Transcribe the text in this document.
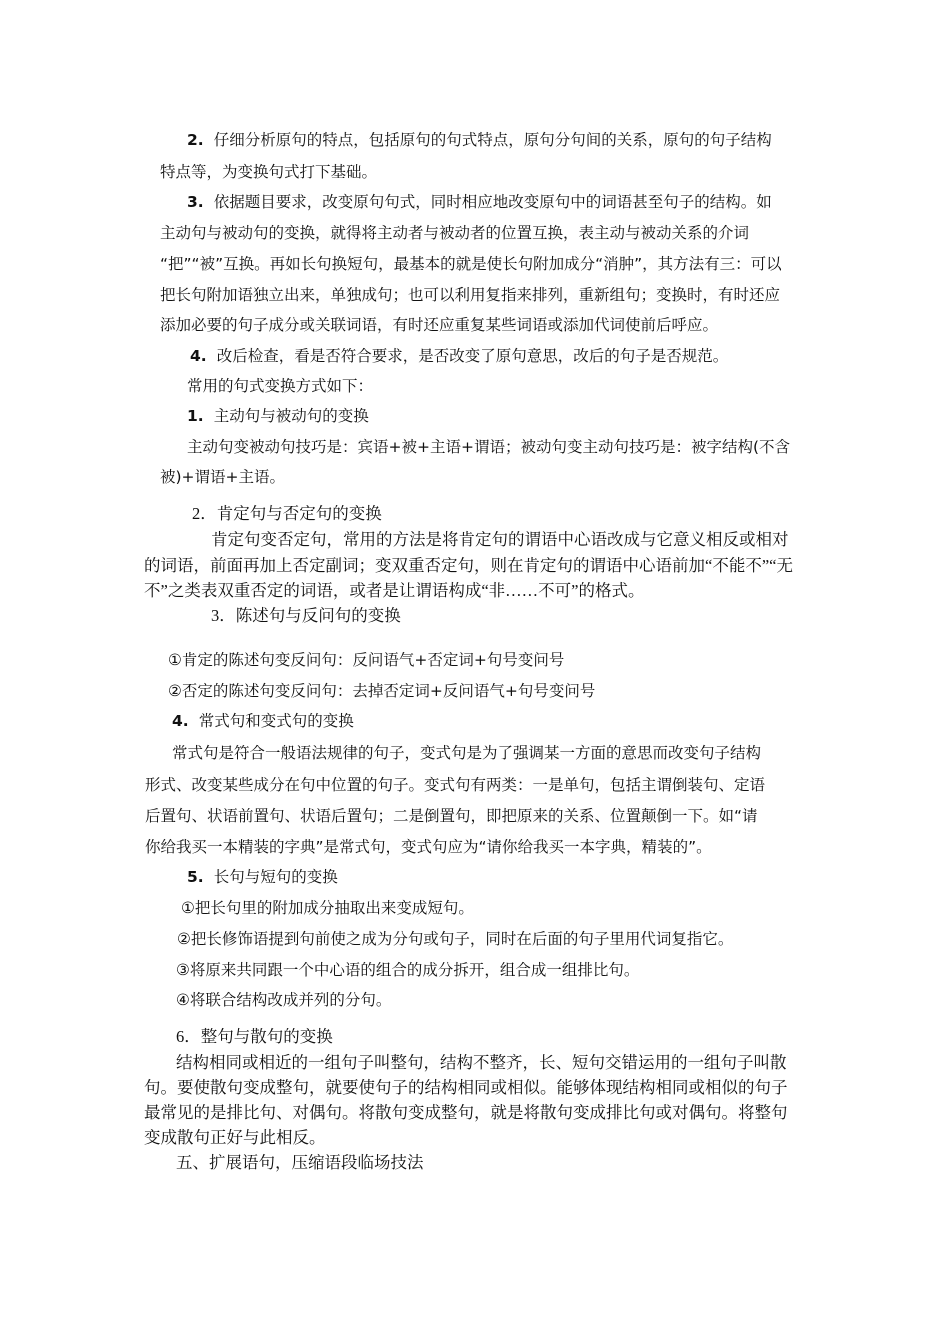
2. 仔细分析原句的特点，包括原句的句式特点，原句分句间的关系，原句的句子结构
特点等，为变换句式打下基础。
3. 依据题目要求，改变原句句式，同时相应地改变原句中的词语甚至句子的结构。如
主动句与被动句的变换，就得将主动者与被动者的位置互换，表主动与被动关系的介词
“把”“被”互换。再如长句换短句，最基本的就是使长句附加成分“消肿”，其方法有三：可以
把长句附加语独立出来，单独成句；也可以利用复指来排列，重新组句；变换时，有时还应
添加必要的句子成分或关联词语，有时还应重复某些词语或添加代词使前后呼应。
4. 改后检查，看是否符合要求，是否改变了原句意思，改后的句子是否规范。
常用的句式变换方式如下：
1. 主动句与被动句的变换
主动句变被动句技巧是：宾语+被+主语+谓语；被动句变主动句技巧是：被字结构(不含
被)+谓语+主语。
2．肯定句与否定句的变换
肯定句变否定句，常用的方法是将肯定句的谓语中心语改成与它意义相反或相对
的词语，前面再加上否定副词；变双重否定句，则在肯定句的谓语中心语前加“不能不”“无
不”之类表双重否定的词语，或者是让谓语构成“非……不可”的格式。
3．陈述句与反问句的变换
①肯定的陈述句变反问句：反问语气+否定词+句号变问号
②否定的陈述句变反问句：去掉否定词+反问语气+句号变问号
4. 常式句和变式句的变换
常式句是符合一般语法规律的句子，变式句是为了强调某一方面的意思而改变句子结构
形式、改变某些成分在句中位置的句子。变式句有两类：一是单句，包括主谓倒装句、定语
后置句、状语前置句、状语后置句；二是倒置句，即把原来的关系、位置颠倒一下。如“请
你给我买一本精装的字典”是常式句，变式句应为“请你给我买一本字典，精装的”。
5. 长句与短句的变换
①把长句里的附加成分抽取出来变成短句。
②把长修饰语提到句前使之成为分句或句子，同时在后面的句子里用代词复指它。
③将原来共同跟一个中心语的组合的成分拆开，组合成一组排比句。
④将联合结构改成并列的分句。
6．整句与散句的变换
结构相同或相近的一组句子叫整句，结构不整齐，长、短句交错运用的一组句子叫散
句。要使散句变成整句，就要使句子的结构相同或相似。能够体现结构相同或相似的句子
最常见的是排比句、对偶句。将散句变成整句，就是将散句变成排比句或对偶句。将整句
变成散句正好与此相反。
五、扩展语句，压缩语段临场技法
